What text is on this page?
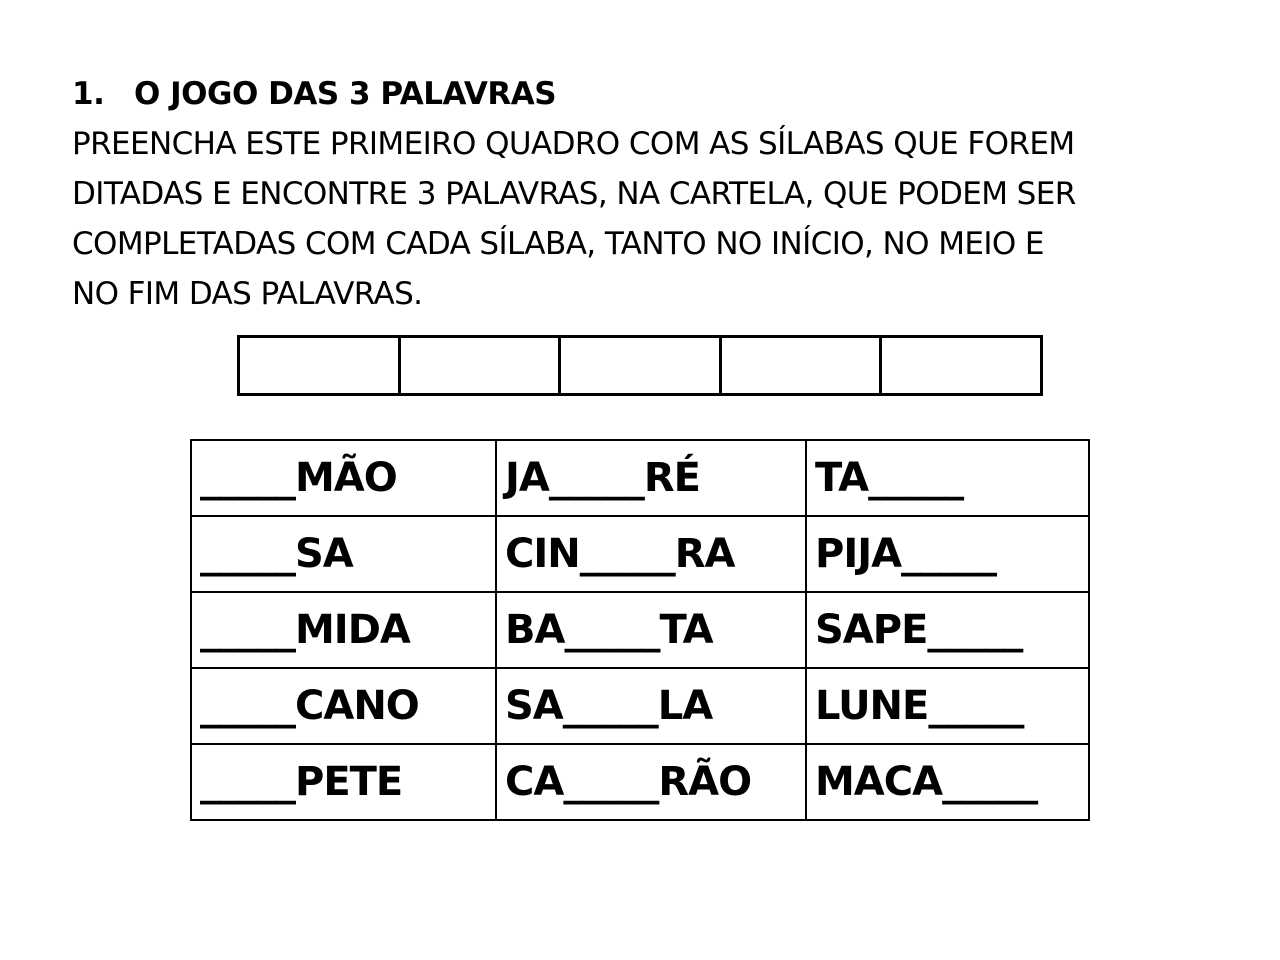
1. O JOGO DAS 3 PALAVRAS
PREENCHA ESTE PRIMEIRO QUADRO COM AS SÍLABAS QUE FOREM
DITADAS E ENCONTRE 3 PALAVRAS, NA CARTELA, QUE PODEM SER
COMPLETADAS COM CADA SÍLABA, TANTO NO INÍCIO, NO MEIO E
NO FIM DAS PALAVRAS.
_____MÃO	JA_____RÉ	TA_____
_____SA	CIN_____RA	PIJA_____
_____MIDA	BA_____TA	SAPE_____
_____CANO	SA_____LA	LUNE_____
_____PETE	CA_____RÃO	MACA_____
